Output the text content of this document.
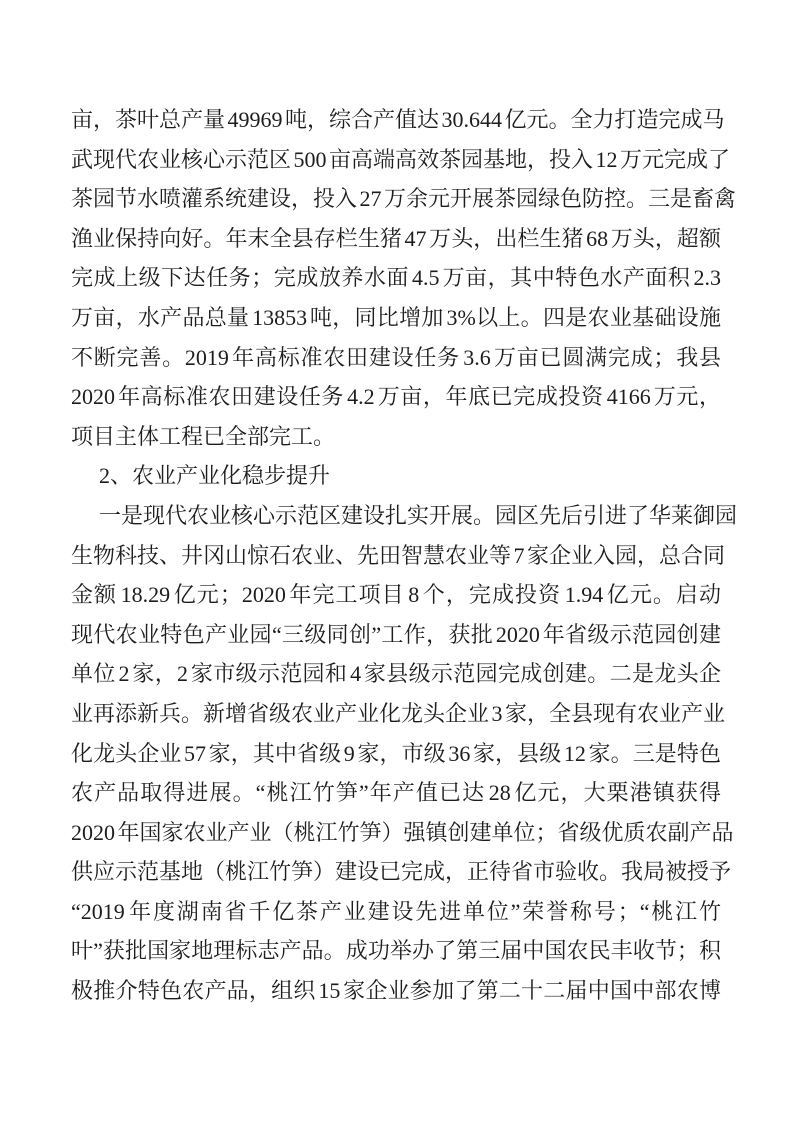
亩，茶叶总产量 49969 吨，综合产值达 30.644 亿元。全力打造完成马
武现代农业核心示范区 500 亩高端高效茶园基地，投入 12 万元完成了
茶园节水喷灌系统建设，投入 27 万余元开展茶园绿色防控。三是畜禽
渔业保持向好。年末全县存栏生猪 47 万头，出栏生猪 68 万头，超额
完成上级下达任务；完成放养水面 4.5 万亩，其中特色水产面积 2.3
万亩，水产品总量 13853 吨，同比增加 3%以上。四是农业基础设施
不断完善。2019 年高标准农田建设任务 3.6 万亩已圆满完成；我县
2020 年高标准农田建设任务 4.2 万亩，年底已完成投资 4166 万元，
项目主体工程已全部完工。
2、农业产业化稳步提升
一是现代农业核心示范区建设扎实开展。园区先后引进了华莱御园
生物科技、井冈山惊石农业、先田智慧农业等 7 家企业入园，总合同
金额 18.29 亿元；2020 年完工项目 8 个，完成投资 1.94 亿元。启动
现代农业特色产业园“三级同创”工作，获批 2020 年省级示范园创建
单位 2 家，2 家市级示范园和 4 家县级示范园完成创建。二是龙头企
业再添新兵。新增省级农业产业化龙头企业 3 家，全县现有农业产业
化龙头企业 57 家，其中省级 9 家，市级 36 家，县级 12 家。三是特色
农产品取得进展。“桃江竹笋”年产值已达 28 亿元，大栗港镇获得
2020 年国家农业产业（桃江竹笋）强镇创建单位；省级优质农副产品
供应示范基地（桃江竹笋）建设已完成，正待省市验收。我局被授予
“2019 年度湖南省千亿茶产业建设先进单位”荣誉称号；“桃江竹
叶”获批国家地理标志产品。成功举办了第三届中国农民丰收节；积
极推介特色农产品，组织 15 家企业参加了第二十二届中国中部农博
